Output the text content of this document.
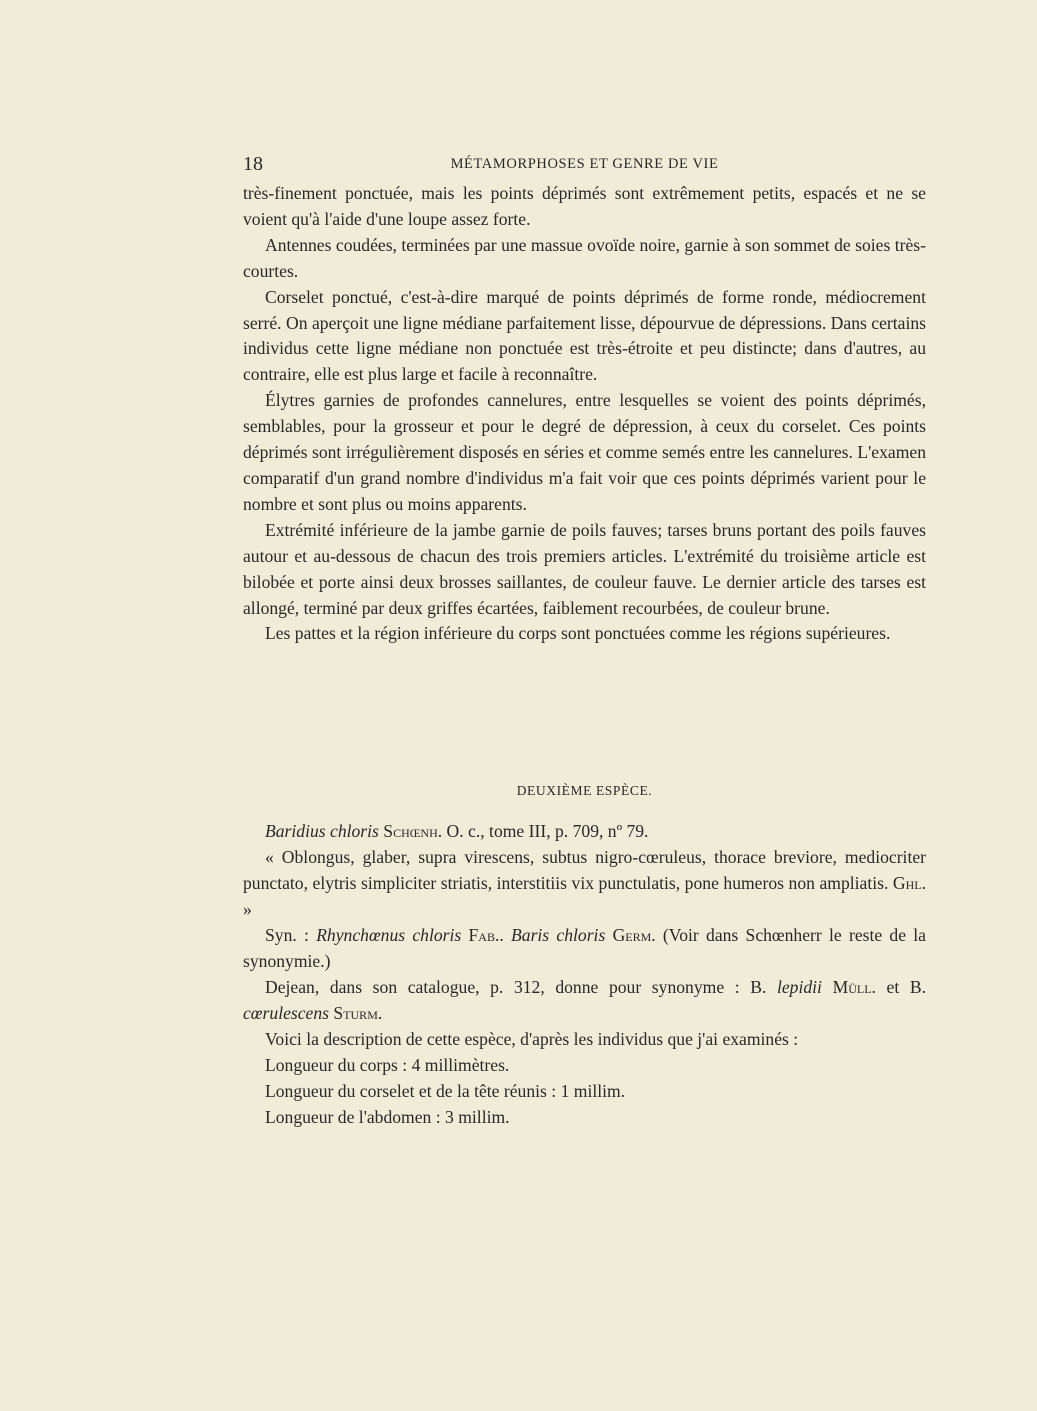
18	MÉTAMORPHOSES ET GENRE DE VIE

très-finement ponctuée, mais les points déprimés sont extrêmement petits, espacés et ne se voient qu'à l'aide d'une loupe assez forte.

Antennes coudées, terminées par une massue ovoïde noire, garnie à son sommet de soies très-courtes.

Corselet ponctué, c'est-à-dire marqué de points déprimés de forme ronde, médiocrement serré. On aperçoit une ligne médiane parfaitement lisse, dépourvue de dépressions. Dans certains individus cette ligne médiane non ponctuée est très-étroite et peu distincte; dans d'autres, au contraire, elle est plus large et facile à reconnaître.

Élytres garnies de profondes cannelures, entre lesquelles se voient des points déprimés, semblables, pour la grosseur et pour le degré de dépression, à ceux du corselet. Ces points déprimés sont irrégulièrement disposés en séries et comme semés entre les cannelures. L'examen comparatif d'un grand nombre d'individus m'a fait voir que ces points déprimés varient pour le nombre et sont plus ou moins apparents.

Extrémité inférieure de la jambe garnie de poils fauves; tarses bruns portant des poils fauves autour et au-dessous de chacun des trois premiers articles. L'extrémité du troisième article est bilobée et porte ainsi deux brosses saillantes, de couleur fauve. Le dernier article des tarses est allongé, terminé par deux griffes écartées, faiblement recourbées, de couleur brune.

Les pattes et la région inférieure du corps sont ponctuées comme les régions supérieures.

DEUXIÈME ESPÈCE.

Baridius chloris Schœnh. O. c., tome III, p. 709, nº 79.

« Oblongus, glaber, supra virescens, subtus nigro-cœruleus, thorace breviore, mediocriter punctato, elytris simpliciter striatis, interstitiis vix punctulatis, pone humeros non ampliatis. Ghl. »

Syn. : Rhynchœnus chloris Fab.. Baris chloris Germ. (Voir dans Schœnherr le reste de la synonymie.)

Dejean, dans son catalogue, p. 312, donne pour synonyme : B. lepidii Müll. et B. cœrulescens Sturm.

Voici la description de cette espèce, d'après les individus que j'ai examinés :

Longueur du corps : 4 millimètres.

Longueur du corselet et de la tête réunis : 1 millim.

Longueur de l'abdomen : 3 millim.
